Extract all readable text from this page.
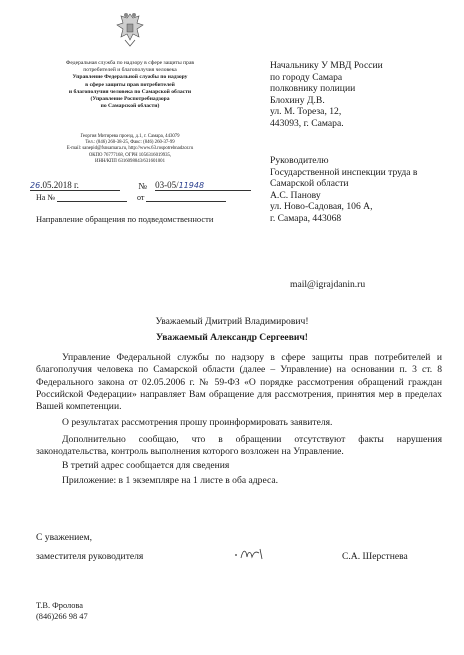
Федеральная служба по надзору в сфере защиты прав
потребителей и благополучия человека
Управление Федеральной службы по надзору
в сфере защиты прав потребителей
и благополучия человека по Самарской области
(Управление Роспотребнадзора
по Самарской области)
Георгия Митирева проезд, д.1, г. Самара, 443079
Тел.: (846) 260-38-25, Факс: (846) 260-37-99
E-mail: sanepid@fsnsamara.ru, http://www.63.rospotrebnadzor.ru
ОКПО 76777168, ОГРН 1056316019935,
ИНН/КПП 6316098843/631601001
26.05.2018 г.	№ 03-05/11948
На №	от
Направление обращения по подведомственности
Начальнику У МВД России
по городу Самара
полковнику полиции
Блохину Д.В.
ул. М. Тореза, 12,
443093, г. Самара.
Руководителю
Государственной инспекции труда в
Самарской области
А.С. Панову
ул. Ново-Садовая, 106 А,
г. Самара, 443068
mail@igrajdanin.ru
Уважаемый Дмитрий Владимирович!
Уважаемый Александр Сергеевич!

Управление Федеральной службы по надзору в сфере защиты прав потребителей и благополучия человека по Самарской области (далее – Управление) на основании п. 3 ст. 8 Федерального закона от 02.05.2006 г. № 59-ФЗ «О порядке рассмотрения обращений граждан Российской Федерации» направляет Вам обращение для рассмотрения, принятия мер в пределах Вашей компетенции.

О результатах рассмотрения прошу проинформировать заявителя.

Дополнительно сообщаю, что в обращении отсутствуют факты нарушения законодательства, контроль выполнения которого возложен на Управление.

В третий адрес сообщается для сведения

Приложение: в 1 экземпляре на 1 листе в оба адреса.

С уважением,
заместителя руководителя	С.А. Шерстнева
Т.В. Фролова
(846)266 98 47
